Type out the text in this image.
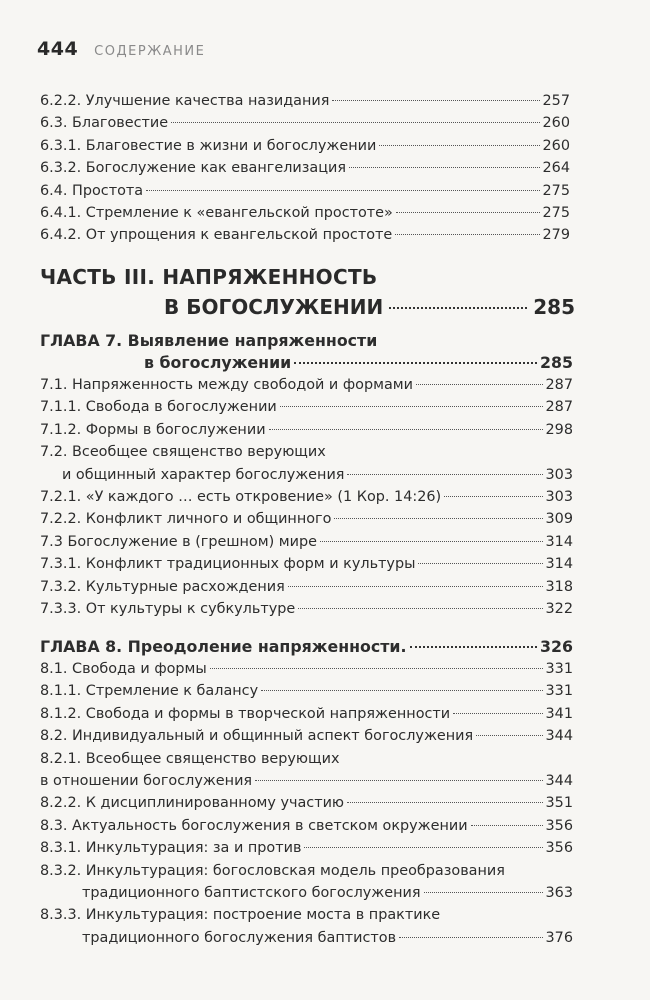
444 СОДЕРЖАНИЕ
6.2.2. Улучшение качества назидания	257
6.3. Благовестие	260
6.3.1. Благовестие в жизни и богослужении	260
6.3.2. Богослужение как евангелизация	264
6.4. Простота	275
6.4.1. Стремление к «евангельской простоте»	275
6.4.2. От упрощения к евангельской простоте	279
ЧАСТЬ III. НАПРЯЖЕННОСТЬ
В БОГОСЛУЖЕНИИ	285
ГЛАВА 7. Выявление напряженности
в богослужении	285
7.1. Напряженность между свободой и формами	287
7.1.1. Свобода в богослужении	287
7.1.2. Формы в богослужении	298
7.2. Всеобщее священство верующих
и общинный характер богослужения	303
7.2.1. «У каждого … есть откровение» (1 Кор. 14:26)	303
7.2.2. Конфликт личного и общинного	309
7.3 Богослужение в (грешном) мире	314
7.3.1. Конфликт традиционных форм и культуры	314
7.3.2. Культурные расхождения	318
7.3.3. От культуры к субкультуре	322
ГЛАВА 8. Преодоление напряженности.	326
8.1. Свобода и формы	331
8.1.1. Стремление к балансу	331
8.1.2. Свобода и формы в творческой напряженности	341
8.2. Индивидуальный и общинный аспект богослужения	344
8.2.1. Всеобщее священство верующих
в отношении богослужения	344
8.2.2. К дисциплинированному участию	351
8.3. Актуальность богослужения в светском окружении	356
8.3.1. Инкультурация: за и против	356
8.3.2. Инкультурация: богословская модель преобразования
традиционного баптистского богослужения	363
8.3.3. Инкультурация: построение моста в практике
традиционного богослужения баптистов	376
